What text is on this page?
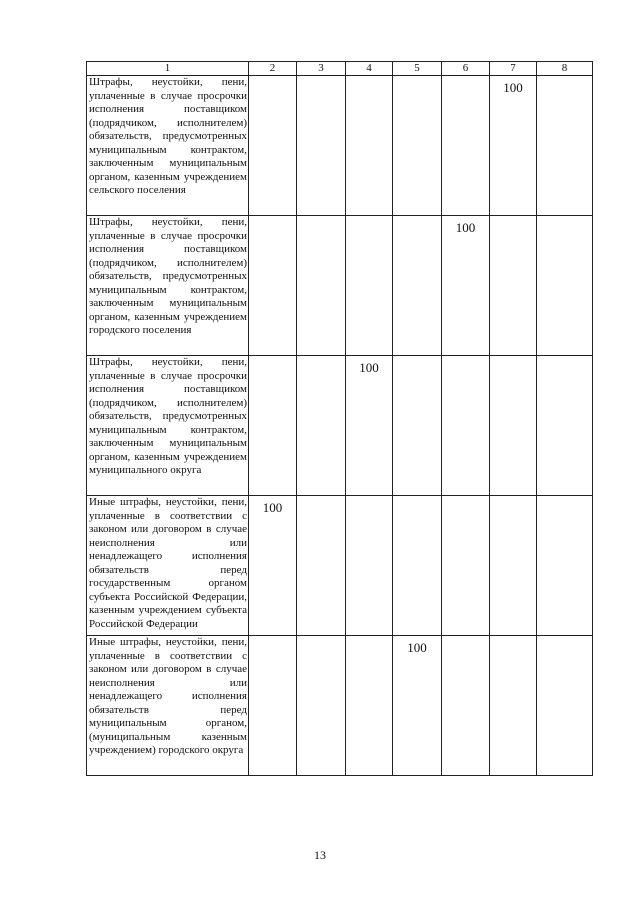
1	2	3	4	5	6	7	8
Штрафы, неустойки, пени, уплаченные в случае просрочки исполнения поставщиком (подрядчиком, исполнителем) обязательств, предусмотренных муниципальным контрактом, заключенным муниципальным органом, казенным учреждением сельского поселения						100	

Штрафы, неустойки, пени, уплаченные в случае просрочки исполнения поставщиком (подрядчиком, исполнителем) обязательств, предусмотренных муниципальным контрактом, заключенным муниципальным органом, казенным учреждением городского поселения					100		

Штрафы, неустойки, пени, уплаченные в случае просрочки исполнения поставщиком (подрядчиком, исполнителем) обязательств, предусмотренных муниципальным контрактом, заключенным муниципальным органом, казенным учреждением муниципального округа			100				

Иные штрафы, неустойки, пени, уплаченные в соответствии с законом или договором в случае неисполнения или ненадлежащего исполнения обязательств перед государственным органом субъекта Российской Федерации, казенным учреждением субъекта Российской Федерации	100						

Иные штрафы, неустойки, пени, уплаченные в соответствии с законом или договором в случае неисполнения или ненадлежащего исполнения обязательств перед муниципальным органом, (муниципальным казенным учреждением) городского округа				100			

13
